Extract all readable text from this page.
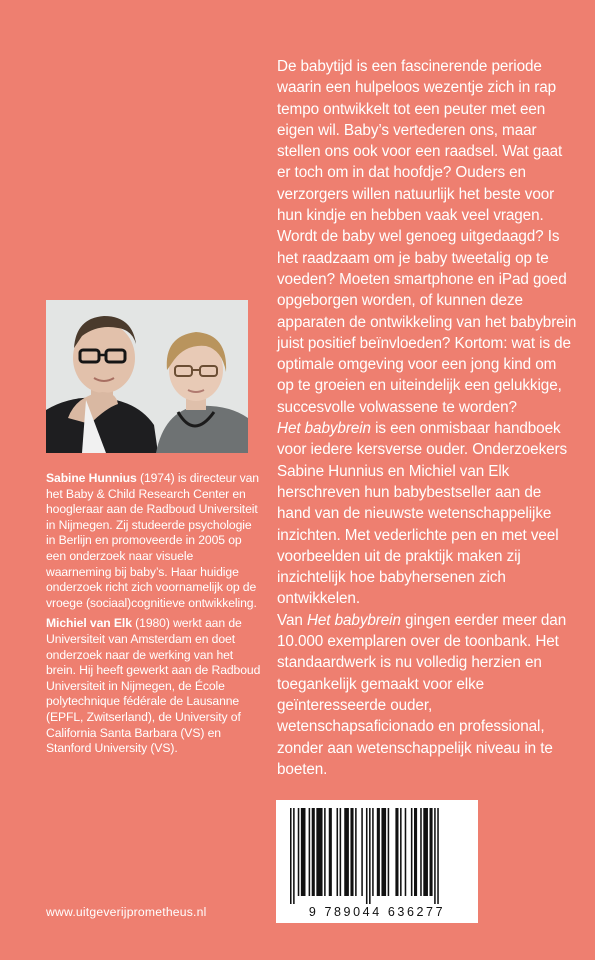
De babytijd is een fascinerende periode waarin een hulpeloos wezentje zich in rap tempo ontwikkelt tot een peuter met een eigen wil. Baby’s vertederen ons, maar stellen ons ook voor een raadsel. Wat gaat er toch om in dat hoofdje? Ouders en verzorgers willen natuurlijk het beste voor hun kindje en hebben vaak veel vragen. Wordt de baby wel genoeg uitgedaagd? Is het raadzaam om je baby tweetalig op te voeden? Moeten smartphone en iPad goed opgeborgen worden, of kunnen deze apparaten de ontwikkeling van het babybrein juist positief beïnvloeden? Kortom: wat is de optimale omgeving voor een jong kind om op te groeien en uiteindelijk een gelukkige, succesvolle volwassene te worden?

Het babybrein is een onmisbaar handboek voor iedere kersverse ouder. Onderzoekers Sabine Hunnius en Michiel van Elk herschreven hun babybestseller aan de hand van de nieuwste wetenschappelijke inzichten. Met vederlichte pen en met veel voorbeelden uit de praktijk maken zij inzichtelijk hoe babyhersenen zich ontwikkelen.

Van Het babybrein gingen eerder meer dan 10.000 exemplaren over de toonbank. Het standaardwerk is nu volledig herzien en toegankelijk gemaakt voor elke geïnteresseerde ouder, wetenschapsaficionado en professional, zonder aan wetenschappelijk niveau in te boeten.

Sabine Hunnius (1974) is directeur van het Baby & Child Research Center en hoogleraar aan de Radboud Universiteit in Nijmegen. Zij studeerde psychologie in Berlijn en promoveerde in 2005 op een onderzoek naar visuele waarneming bij baby’s. Haar huidige onderzoek richt zich voornamelijk op de vroege (sociaal)cognitieve ontwikkeling.

Michiel van Elk (1980) werkt aan de Universiteit van Amsterdam en doet onderzoek naar de werking van het brein. Hij heeft gewerkt aan de Radboud Universiteit in Nijmegen, de École polytechnique fédérale de Lausanne (EPFL, Zwitserland), de University of California Santa Barbara (VS) en Stanford University (VS).

www.uitgeverijprometheus.nl	9 789044 636277
